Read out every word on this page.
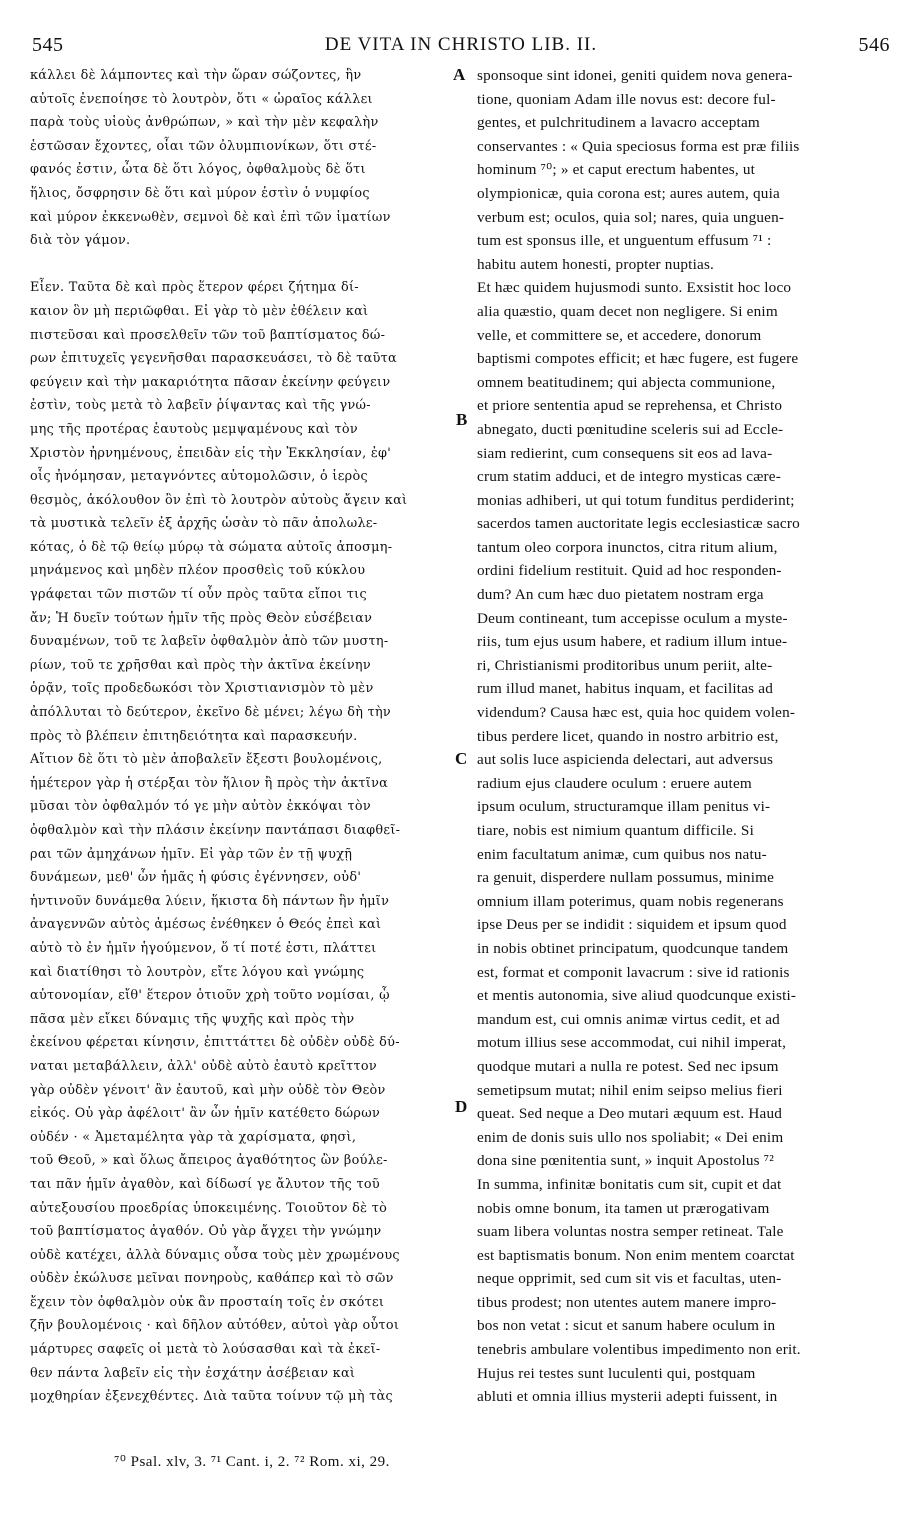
545	DE VITA IN CHRISTO LIB. II.	546
κάλλει δὲ λάμποντες καὶ τὴν ὥραν σώζοντες, ἣν
αὐτοῖς ἐνεποίησε τὸ λουτρὸν, ὅτι « ὡραῖος κάλλει
παρὰ τοὺς υἱοὺς ἀνθρώπων, » καὶ τὴν μὲν κεφαλὴν
ἑστῶσαν ἔχοντες, οἷαι τῶν ὀλυμπιονίκων, ὅτι στέ-
φανός ἐστιν, ὦτα δὲ ὅτι λόγος, ὀφθαλμοὺς δὲ ὅτι
ἥλιος, ὄσφρησιν δὲ ὅτι καὶ μύρον ἐστὶν ὁ νυμφίος
καὶ μύρον ἐκκενωθὲν, σεμνοὶ δὲ καὶ ἐπὶ τῶν ἱματίων
διὰ τὸν γάμον.
Εἶεν. Ταῦτα δὲ καὶ πρὸς ἕτερον φέρει ζήτημα δί-
καιον ὃν μὴ περιῶφθαι. Εἰ γὰρ τὸ μὲν ἐθέλειν καὶ
πιστεῦσαι καὶ προσελθεῖν τῶν τοῦ βαπτίσματος δώ-
ρων ἐπιτυχεῖς γεγενῆσθαι παρασκευάσει, τὸ δὲ ταῦτα
φεύγειν καὶ τὴν μακαριότητα πᾶσαν ἐκείνην φεύγειν
ἐστὶν, τοὺς μετὰ τὸ λαβεῖν ῥίψαντας καὶ τῆς γνώ-
μης τῆς προτέρας ἑαυτοὺς μεμψαμένους καὶ τὸν
Χριστὸν ἠρνημένους, ἐπειδὰν εἰς τὴν Ἐκκλησίαν, ἐφ'
οἷς ἠνόμησαν, μεταγνόντες αὐτομολῶσιν, ὁ ἱερὸς
θεσμὸς, ἀκόλουθον ὂν ἐπὶ τὸ λουτρὸν αὐτοὺς ἄγειν καὶ
τὰ μυστικὰ τελεῖν ἐξ ἀρχῆς ὡσὰν τὸ πᾶν ἀπολωλε-
κότας, ὁ δὲ τῷ θείῳ μύρῳ τὰ σώματα αὐτοῖς ἀποσμη-
μηνάμενος καὶ μηδὲν πλέον προσθεὶς τοῦ κύκλου
γράφεται τῶν πιστῶν τί οὖν πρὸς ταῦτα εἴποι τις
ἄν; Ἡ δυεῖν τούτων ἡμῖν τῆς πρὸς Θεὸν εὐσέβειαν
δυναμένων, τοῦ τε λαβεῖν ὀφθαλμὸν ἀπὸ τῶν μυστη-
ρίων, τοῦ τε χρῆσθαι καὶ πρὸς τὴν ἀκτῖνα ἐκείνην
ὁρᾷν, τοῖς προδεδωκόσι τὸν Χριστιανισμὸν τὸ μὲν
ἀπόλλυται τὸ δεύτερον, ἐκεῖνο δὲ μένει; λέγω δὴ τὴν
πρὸς τὸ βλέπειν ἐπιτηδειότητα καὶ παρασκευήν.
Αἴτιον δὲ ὅτι τὸ μὲν ἀποβαλεῖν ἔξεστι βουλομένοις,
ἡμέτερον γὰρ ἡ στέρξαι τὸν ἥλιον ἢ πρὸς τὴν ἀκτῖνα
μῦσαι τὸν ὀφθαλμόν τό γε μὴν αὐτὸν ἐκκόψαι τὸν
ὀφθαλμὸν καὶ τὴν πλάσιν ἐκείνην παντάπασι διαφθεῖ-
ραι τῶν ἀμηχάνων ἡμῖν. Εἰ γὰρ τῶν ἐν τῇ ψυχῇ
δυνάμεων, μεθ' ὧν ἡμᾶς ἡ φύσις ἐγέννησεν, οὐδ'
ἡντινοῦν δυνάμεθα λύειν, ἥκιστα δὴ πάντων ἣν ἡμῖν
ἀναγεννῶν αὐτὸς ἀμέσως ἐνέθηκεν ὁ Θεός ἐπεὶ καὶ
αὐτὸ τὸ ἐν ἡμῖν ἡγούμενον, ὅ τί ποτέ ἐστι, πλάττει
καὶ διατίθησι τὸ λουτρὸν, εἴτε λόγου καὶ γνώμης
αὐτονομίαν, εἴθ' ἕτερον ὁτιοῦν χρὴ τοῦτο νομίσαι, ᾧ
πᾶσα μὲν εἴκει δύναμις τῆς ψυχῆς καὶ πρὸς τὴν
ἐκείνου φέρεται κίνησιν, ἐπιττάττει δὲ οὐδὲν οὐδὲ δύ-
ναται μεταβάλλειν, ἀλλ' οὐδὲ αὐτὸ ἑαυτὸ κρεῖττον
γὰρ οὐδὲν γένοιτ' ἂν ἑαυτοῦ, καὶ μὴν οὐδὲ τὸν Θεὸν
εἰκός. Οὐ γὰρ ἀφέλοιτ' ἂν ὧν ἡμῖν κατέθετο δώρων
οὐδέν · « Ἀμεταμέλητα γὰρ τὰ χαρίσματα, φησὶ,
τοῦ Θεοῦ, » καὶ ὅλως ἄπειρος ἀγαθότητος ὢν βούλε-
ται πᾶν ἡμῖν ἀγαθὸν, καὶ δίδωσί γε ἄλυτον τῆς τοῦ
αὐτεξουσίου προεδρίας ὑποκειμένης. Τοιοῦτον δὲ τὸ
τοῦ βαπτίσματος ἀγαθόν. Οὐ γὰρ ἄγχει τὴν γνώμην
οὐδὲ κατέχει, ἀλλὰ δύναμις οὖσα τοὺς μὲν χρωμένους
οὐδὲν ἐκώλυσε μεῖναι πονηροὺς, καθάπερ καὶ τὸ σῶν
ἔχειν τὸν ὀφθαλμὸν οὐκ ἂν προσταίη τοῖς ἐν σκότει
ζῆν βουλομένοις · καὶ δῆλον αὐτόθεν, αὐτοὶ γὰρ οὗτοι
μάρτυρες σαφεῖς οἱ μετὰ τὸ λούσασθαι καὶ τὰ ἐκεῖ-
θεν πάντα λαβεῖν εἰς τὴν ἐσχάτην ἀσέβειαν καὶ
μοχθηρίαν ἐξενεχθέντες. Διὰ ταῦτα τοίνυν τῷ μὴ τὰς
sponsoque sint idonei, geniti quidem nova genera-
tione, quoniam Adam ille novus est: decore ful-
gentes, et pulchritudinem a lavacro acceptam
conservantes : « Quia speciosus forma est præ filiis
hominum ⁷⁰; » et caput erectum habentes, ut
olympionicæ, quia corona est; aures autem, quia
verbum est; oculos, quia sol; nares, quia unguen-
tum est sponsus ille, et unguentum effusum ⁷¹ :
habitu autem honesti, propter nuptias.
Et hæc quidem hujusmodi sunto. Exsistit hoc loco
alia quæstio, quam decet non negligere. Si enim
velle, et committere se, et accedere, donorum
baptismi compotes efficit; et hæc fugere, est fugere
omnem beatitudinem; qui abjecta communione,
et priore sententia apud se reprehensa, et Christo
abnegato, ducti pœnitudine sceleris sui ad Eccle-
siam redierint, cum consequens sit eos ad lava-
crum statim adduci, et de integro mysticas cære-
monias adhiberi, ut qui totum funditus perdiderint;
sacerdos tamen auctoritate legis ecclesiasticæ sacro
tantum oleo corpora inunctos, citra ritum alium,
ordini fidelium restituit. Quid ad hoc responden-
dum? An cum hæc duo pietatem nostram erga
Deum contineant, tum accepisse oculum a myste-
riis, tum ejus usum habere, et radium illum intue-
ri, Christianismi proditoribus unum periit, alte-
rum illud manet, habitus inquam, et facilitas ad
videndum? Causa hæc est, quia hoc quidem volen-
tibus perdere licet, quando in nostro arbitrio est,
aut solis luce aspicienda delectari, aut adversus
radium ejus claudere oculum : eruere autem
ipsum oculum, structuramque illam penitus vi-
tiare, nobis est nimium quantum difficile. Si
enim facultatum animæ, cum quibus nos natu-
ra genuit, disperdere nullam possumus, minime
omnium illam poterimus, quam nobis regenerans
ipse Deus per se indidit : siquidem et ipsum quod
in nobis obtinet principatum, quodcunque tandem
est, format et componit lavacrum : sive id rationis
et mentis autonomia, sive aliud quodcunque existi-
mandum est, cui omnis animæ virtus cedit, et ad
motum illius sese accommodat, cui nihil imperat,
quodque mutari a nulla re potest. Sed nec ipsum
semetipsum mutat; nihil enim seipso melius fieri
queat. Sed neque a Deo mutari æquum est. Haud
enim de donis suis ullo nos spoliabit; « Dei enim
dona sine pœnitentia sunt, » inquit Apostolus ⁷²
In summa, infinitæ bonitatis cum sit, cupit et dat
nobis omne bonum, ita tamen ut prærogativam
suam libera voluntas nostra semper retineat. Tale
est baptismatis bonum. Non enim mentem coarctat
neque opprimit, sed cum sit vis et facultas, uten-
tibus prodest; non utentes autem manere impro-
bos non vetat : sicut et sanum habere oculum in
tenebris ambulare volentibus impedimento non erit.
Hujus rei testes sunt luculenti qui, postquam
abluti et omnia illius mysterii adepti fuissent, in
A
B
C
D
⁷⁰ Psal. xlv, 3. ⁷¹ Cant. i, 2. ⁷² Rom. xi, 29.
